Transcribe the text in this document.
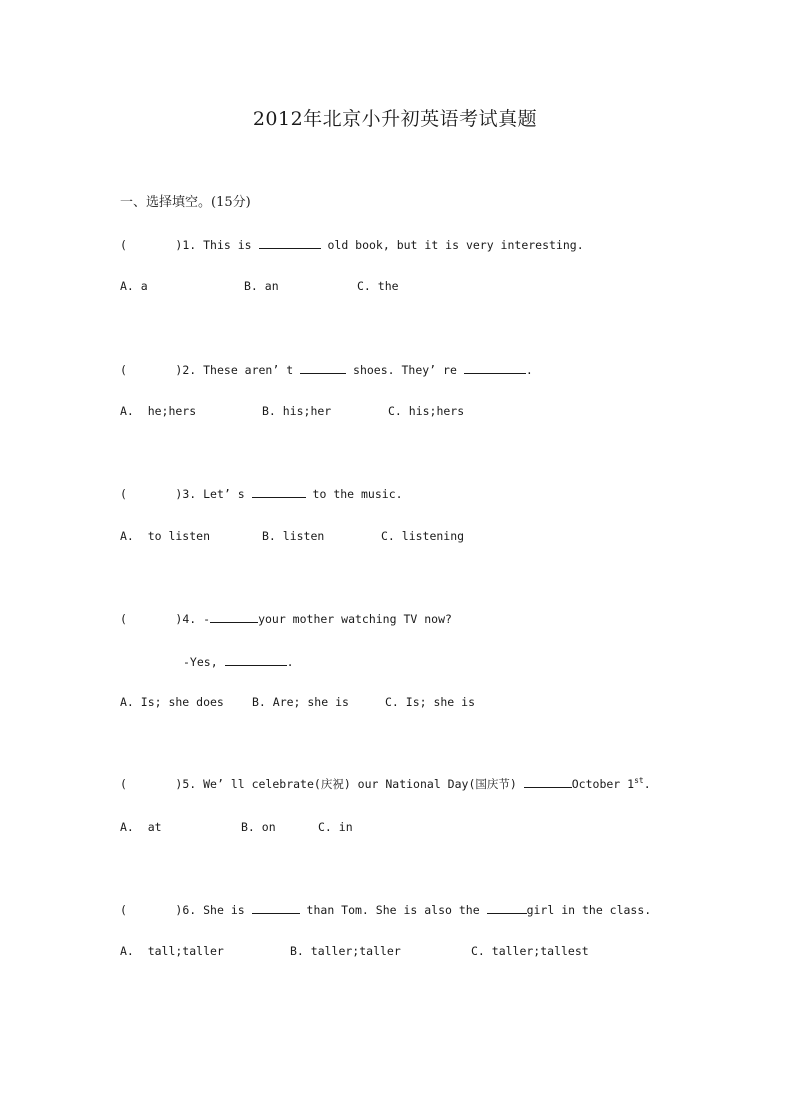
2012年北京小升初英语考试真题
一、选择填空。(15分)
(	)1. This is	old book, but it is very interesting.
A. a	B. an	C. the
(	)2. These aren’ t	shoes. They’ re	.
A.  he;hers	B. his;her	C. his;hers
(	)3. Let’ s	to the music.
A.  to listen	B. listen	C. listening
(	)4. -	your mother watching TV now?
-Yes,	.
A. Is; she does B. Are; she is	C. Is; she is
(	)5. We’ ll celebrate(庆祝) our National Day(国庆节)	October 1st.
A.  at	B. on	C. in
(	)6. She is	than Tom. She is also the	girl in the class.
A.  tall;taller	B. taller;taller	C. taller;tallest
